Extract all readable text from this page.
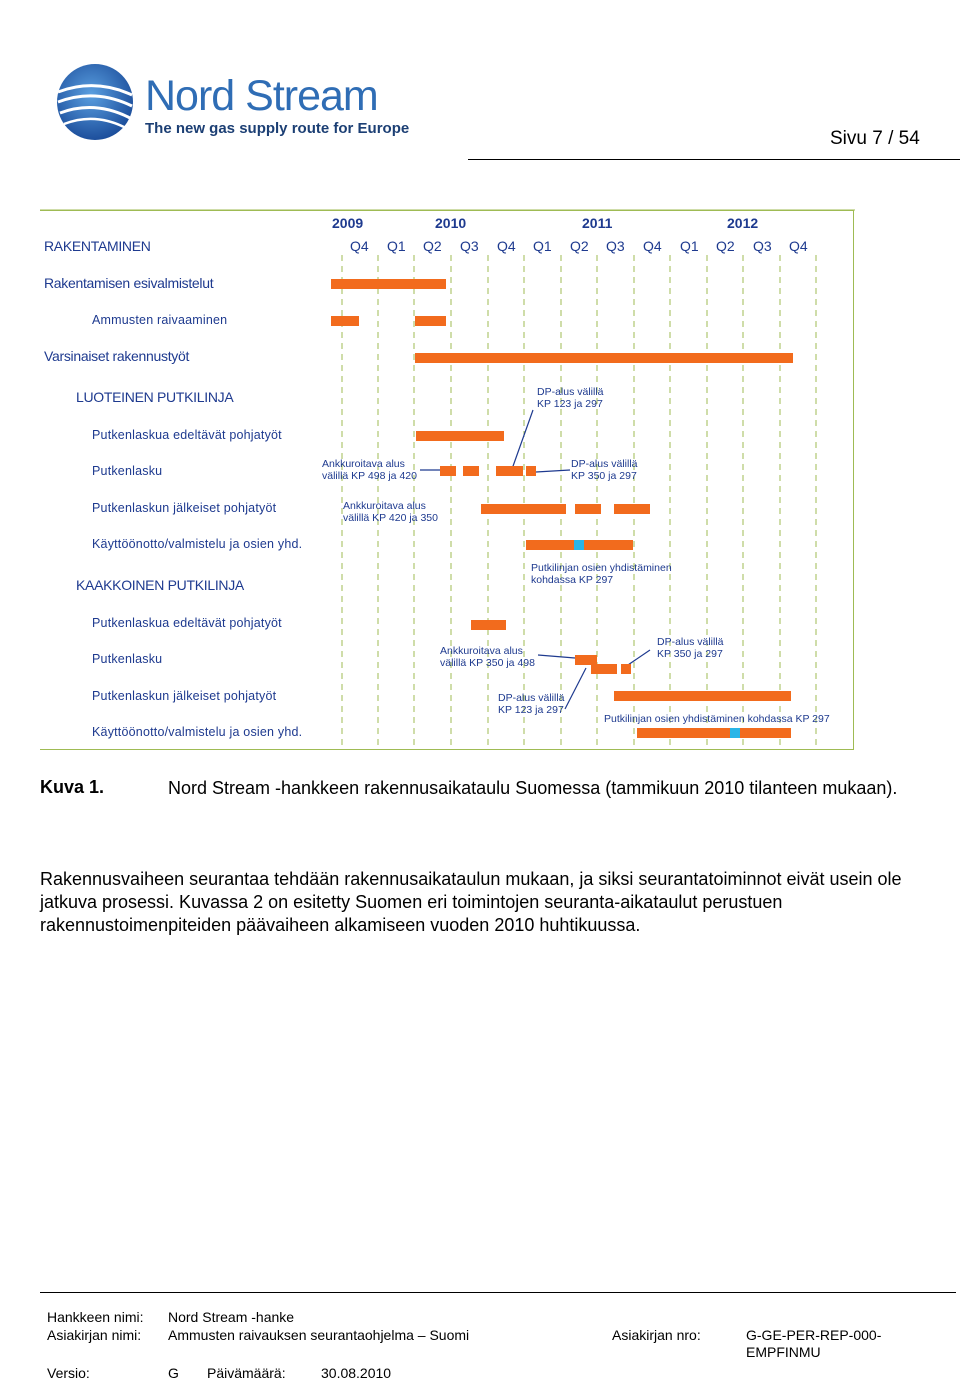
Nord Stream
The new gas supply route for Europe	Sivu 7 / 54
2009	2010	2011	2012
Q4 Q1 Q2 Q3 Q4 Q1 Q2 Q3 Q4 Q1 Q2 Q3 Q4
RAKENTAMINEN
Rakentamisen esivalmistelut
Ammusten raivaaminen
Varsinaiset rakennustyöt
LUOTEINEN PUTKILINJA
Putkenlaskua edeltävät pohjatyöt
Putkenlasku
Putkenlaskun jälkeiset pohjatyöt
Käyttöönotto/valmistelu ja osien yhd.
KAAKKOINEN PUTKILINJA
Putkenlaskua edeltävät pohjatyöt
Putkenlasku
Putkenlaskun jälkeiset pohjatyöt
Käyttöönotto/valmistelu ja osien yhd.
DP-alus välillä
KP 123 ja 297
Ankkuroitava alus
välillä KP 498 ja 420
DP-alus välillä
KP 350 ja 297
Ankkuroitava alus
välillä KP 420 ja 350
Putkilinjan osien yhdistäminen
kohdassa KP 297
Ankkuroitava alus
välillä KP 350 ja 498
DP-alus välillä
KP 350 ja 297
DP-alus välillä
KP 123 ja 297
Putkilinjan osien yhdistäminen kohdassa KP 297
Kuva 1.	Nord Stream -hankkeen rakennusaikataulu Suomessa (tammikuun 2010 tilanteen mukaan).
Rakennusvaiheen seurantaa tehdään rakennusaikataulun mukaan, ja siksi seurantatoiminnot eivät usein ole jatkuva prosessi. Kuvassa 2 on esitetty Suomen eri toimintojen seuranta-aikataulut perustuen rakennustoimenpiteiden päävaiheen alkamiseen vuoden 2010 huhtikuussa.
Hankkeen nimi: Nord Stream -hanke
Asiakirjan nimi: Ammusten raivauksen seurantaohjelma – Suomi	Asiakirjan nro:	G-GE-PER-REP-000-
EMPFINMU
Versio:	G Päivämäärä:	30.08.2010
